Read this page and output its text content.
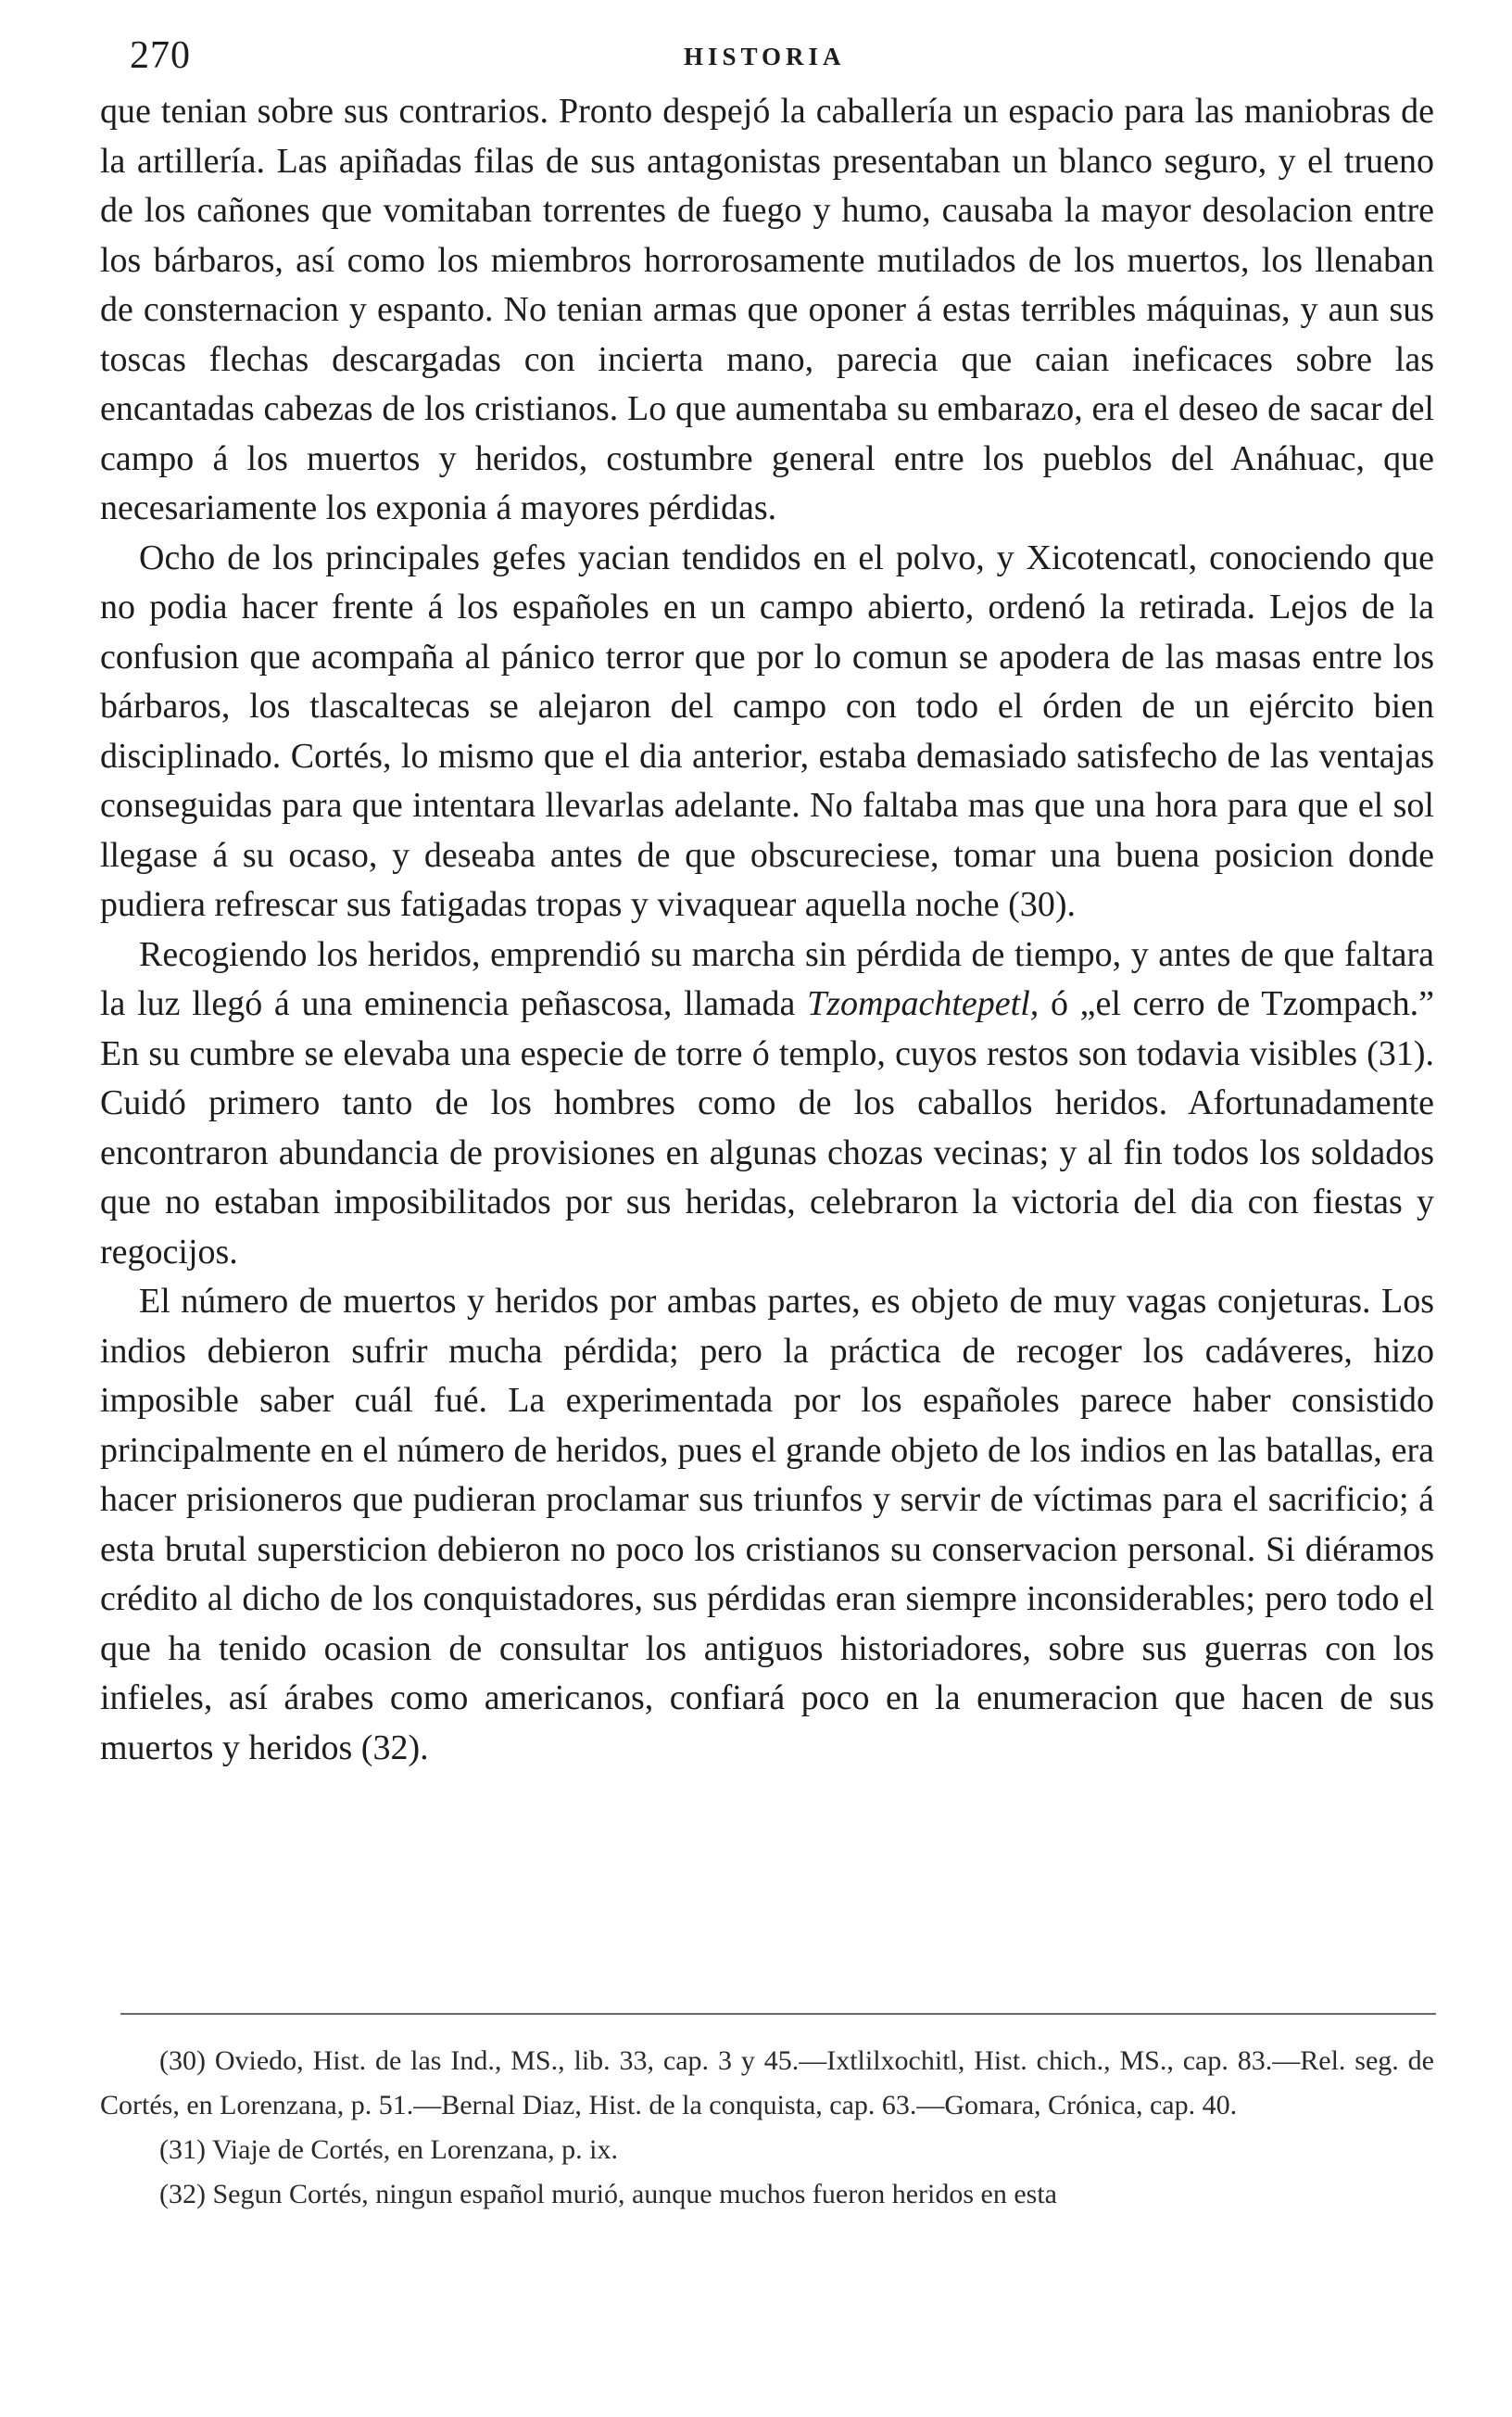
270	HISTORIA

que tenian sobre sus contrarios. Pronto despejó la caballería un espacio para las maniobras de la artillería. Las apiñadas filas de sus antagonistas presentaban un blanco seguro, y el trueno de los cañones que vomitaban torrentes de fuego y humo, causaba la mayor desolacion entre los bárbaros, así como los miembros horrorosamente mutilados de los muertos, los llenaban de consternacion y espanto. No tenian armas que oponer á estas terribles máquinas, y aun sus toscas flechas descargadas con incierta mano, parecia que caian ineficaces sobre las encantadas cabezas de los cristianos. Lo que aumentaba su embarazo, era el deseo de sacar del campo á los muertos y heridos, costumbre general entre los pueblos del Anáhuac, que necesariamente los exponia á mayores pérdidas.

Ocho de los principales gefes yacian tendidos en el polvo, y Xicotencatl, conociendo que no podia hacer frente á los españoles en un campo abierto, ordenó la retirada. Lejos de la confusion que acompaña al pánico terror que por lo comun se apodera de las masas entre los bárbaros, los tlascaltecas se alejaron del campo con todo el órden de un ejército bien disciplinado. Cortés, lo mismo que el dia anterior, estaba demasiado satisfecho de las ventajas conseguidas para que intentara llevarlas adelante. No faltaba mas que una hora para que el sol llegase á su ocaso, y deseaba antes de que obscureciese, tomar una buena posicion donde pudiera refrescar sus fatigadas tropas y vivaquear aquella noche (30).

Recogiendo los heridos, emprendió su marcha sin pérdida de tiempo, y antes de que faltara la luz llegó á una eminencia peñascosa, llamada Tzompachtepetl, ó „el cerro de Tzompach.” En su cumbre se elevaba una especie de torre ó templo, cuyos restos son todavia visibles (31). Cuidó primero tanto de los hombres como de los caballos heridos. Afortunadamente encontraron abundancia de provisiones en algunas chozas vecinas; y al fin todos los soldados que no estaban imposibilitados por sus heridas, celebraron la victoria del dia con fiestas y regocijos.

El número de muertos y heridos por ambas partes, es objeto de muy vagas conjeturas. Los indios debieron sufrir mucha pérdida; pero la práctica de recoger los cadáveres, hizo imposible saber cuál fué. La experimentada por los españoles parece haber consistido principalmente en el número de heridos, pues el grande objeto de los indios en las batallas, era hacer prisioneros que pudieran proclamar sus triunfos y servir de víctimas para el sacrificio; á esta brutal supersticion debieron no poco los cristianos su conservacion personal. Si diéramos crédito al dicho de los conquistadores, sus pérdidas eran siempre inconsiderables; pero todo el que ha tenido ocasion de consultar los antiguos historiadores, sobre sus guerras con los infieles, así árabes como americanos, confiará poco en la enumeracion que hacen de sus muertos y heridos (32).

(30) Oviedo, Hist. de las Ind., MS., lib. 33, cap. 3 y 45.—Ixtlilxochitl, Hist. chich., MS., cap. 83.—Rel. seg. de Cortés, en Lorenzana, p. 51.—Bernal Diaz, Hist. de la conquista, cap. 63.—Gomara, Crónica, cap. 40.

(31) Viaje de Cortés, en Lorenzana, p. ix.

(32) Segun Cortés, ningun español murió, aunque muchos fueron heridos en esta
